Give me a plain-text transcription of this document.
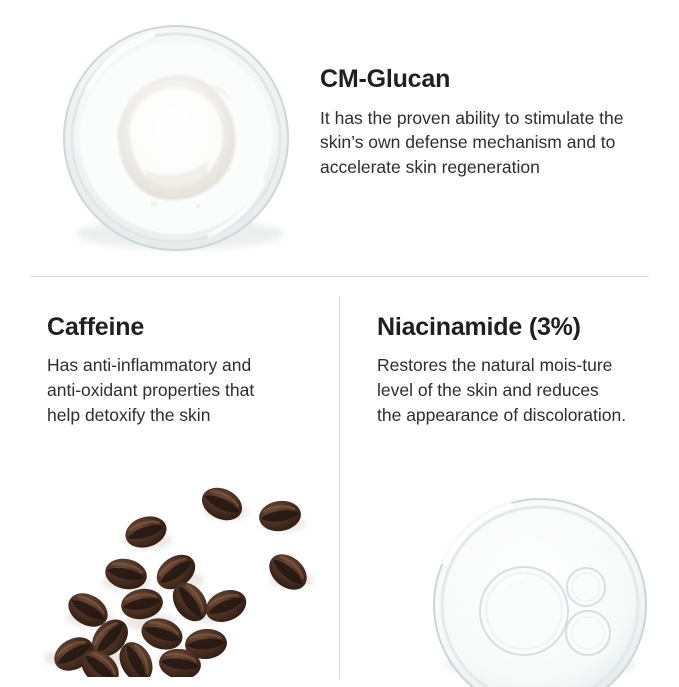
CM-Glucan

It has the proven ability to stimulate the skin’s own defense mechanism and to accelerate skin regeneration

Caffeine

Has anti-inflammatory and anti-oxidant properties that help detoxify the skin

Niacinamide (3%)

Restores the natural mois-ture level of the skin and reduces the appearance of discoloration.
